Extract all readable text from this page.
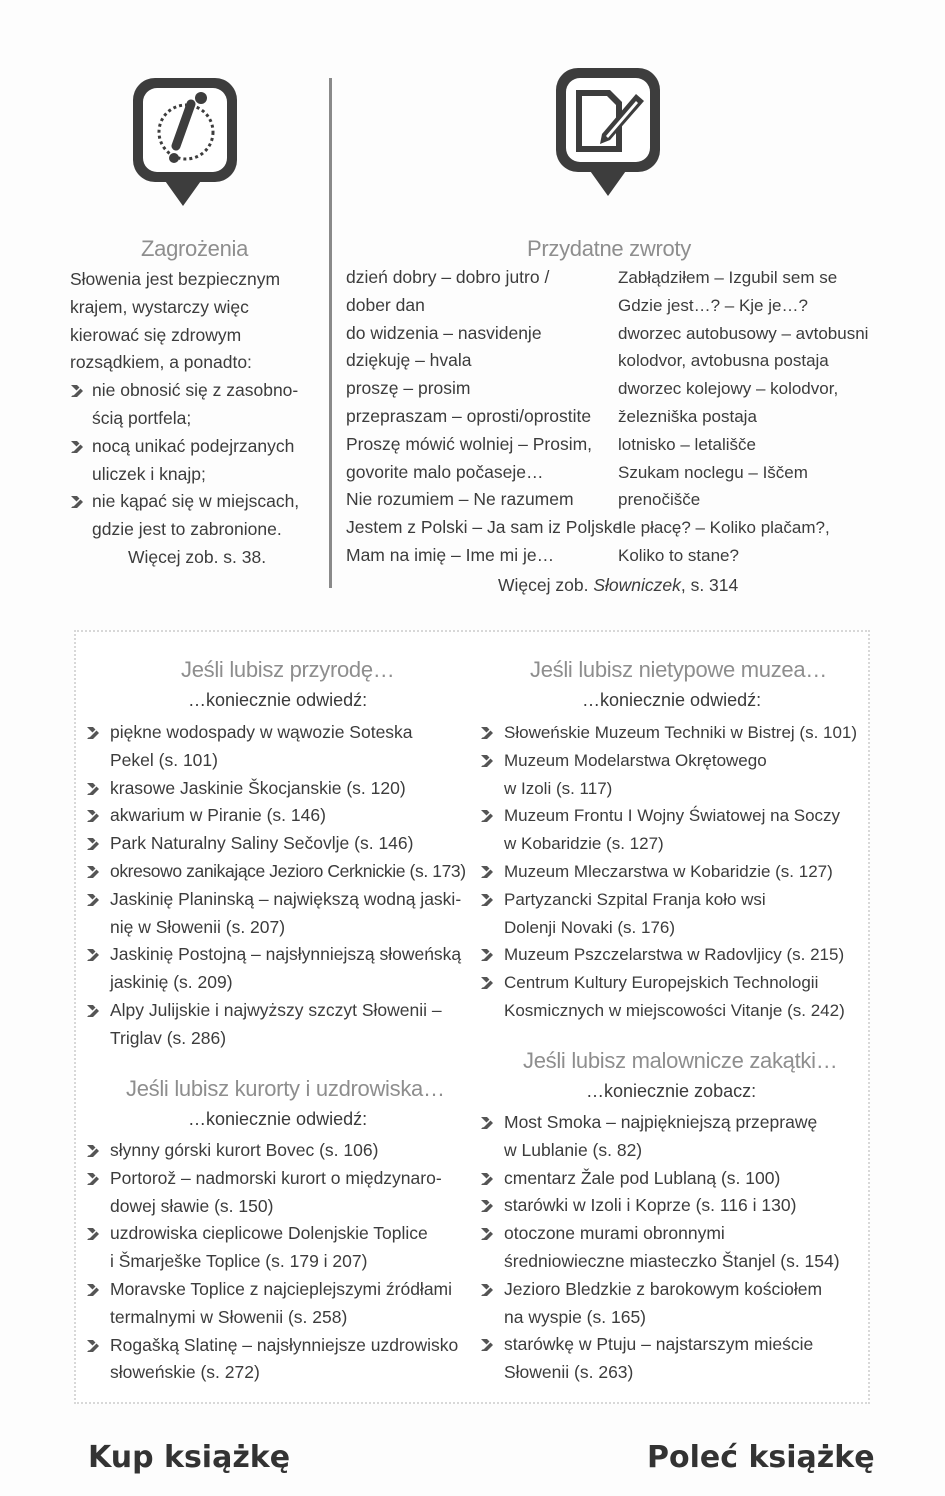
Zagrożenia
Słowenia jest bezpiecznym
krajem, wystarczy więc
kierować się zdrowym
rozsądkiem, a ponadto:
nie obnosić się z zasobno-
ścią portfela;
nocą unikać podejrzanych
uliczek i knajp;
nie kąpać się w miejscach,
gdzie jest to zabronione.
Więcej zob. s. 38.
Przydatne zwroty
dzień dobry – dobro jutro /
dober dan
do widzenia – nasvidenje
dziękuję – hvala
proszę – prosim
przepraszam – oprosti/oprostite
Proszę mówić wolniej – Prosim,
govorite malo počaseje…
Nie rozumiem – Ne razumem
Jestem z Polski – Ja sam iz Poljske
Mam na imię – Ime mi je…
Zabłądziłem – Izgubil sem se
Gdzie jest…? – Kje je…?
dworzec autobusowy – avtobusni
kolodvor, avtobusna postaja
dworzec kolejowy – kolodvor,
železniška postaja
lotnisko – letališče
Szukam noclegu – Iščem
prenočišče
Ile płacę? – Koliko plačam?,
Koliko to stane?
Więcej zob. Słowniczek, s. 314
Jeśli lubisz przyrodę…
…koniecznie odwiedź:
piękne wodospady w wąwozie Soteska
Pekel (s. 101)
krasowe Jaskinie Škocjanskie (s. 120)
akwarium w Piranie (s. 146)
Park Naturalny Saliny Sečovlje (s. 146)
okresowo zanikające Jezioro Cerknickie (s. 173)
Jaskinię Planinską – największą wodną jaski-
nię w Słowenii (s. 207)
Jaskinię Postojną – najsłynniejszą słoweńską
jaskinię (s. 209)
Alpy Julijskie i najwyższy szczyt Słowenii –
Triglav (s. 286)
Jeśli lubisz kurorty i uzdrowiska…
…koniecznie odwiedź:
słynny górski kurort Bovec (s. 106)
Portorož – nadmorski kurort o międzynaro-
dowej sławie (s. 150)
uzdrowiska cieplicowe Dolenjskie Toplice
i Šmarješke Toplice (s. 179 i 207)
Moravske Toplice z najcieplejszymi źródłami
termalnymi w Słowenii (s. 258)
Rogašką Slatinę – najsłynniejsze uzdrowisko
słoweńskie (s. 272)
Jeśli lubisz nietypowe muzea…
…koniecznie odwiedź:
Słoweńskie Muzeum Techniki w Bistrej (s. 101)
Muzeum Modelarstwa Okrętowego
w Izoli (s. 117)
Muzeum Frontu I Wojny Światowej na Soczy
w Kobaridzie (s. 127)
Muzeum Mleczarstwa w Kobaridzie (s. 127)
Partyzancki Szpital Franja koło wsi
Dolenji Novaki (s. 176)
Muzeum Pszczelarstwa w Radovljicy (s. 215)
Centrum Kultury Europejskich Technologii
Kosmicznych w miejscowości Vitanje (s. 242)
Jeśli lubisz malownicze zakątki…
…koniecznie zobacz:
Most Smoka – najpiękniejszą przeprawę
w Lublanie (s. 82)
cmentarz Žale pod Lublaną (s. 100)
starówki w Izoli i Koprze (s. 116 i 130)
otoczone murami obronnymi
średniowieczne miasteczko Štanjel (s. 154)
Jezioro Bledzkie z barokowym kościołem
na wyspie (s. 165)
starówkę w Ptuju – najstarszym mieście
Słowenii (s. 263)
Kup książkę	Poleć książkę
